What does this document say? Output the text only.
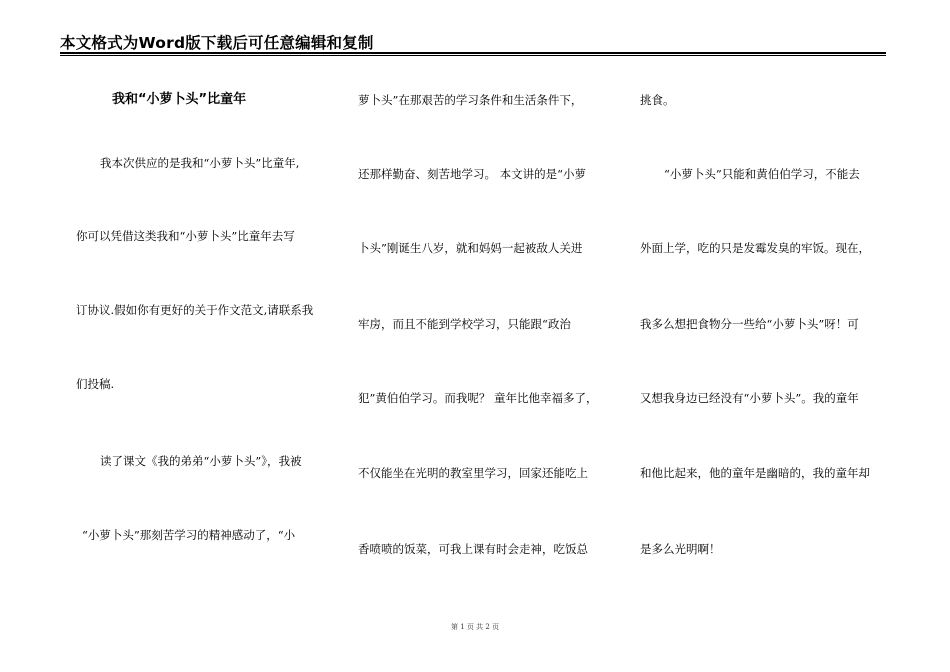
本文格式为Word版下载后可任意编辑和复制
我和“小萝卜头”比童年
我本次供应的是我和“小萝卜头”比童年,
你可以凭借这类我和“小萝卜头”比童年去写
订协议.假如你有更好的关于作文范文,请联系我
们投稿.
读了课文《我的弟弟“小萝卜头”》，我被
“小萝卜头”那刻苦学习的精神感动了，“小
萝卜头”在那艰苦的学习条件和生活条件下，
还那样勤奋、刻苦地学习。 本文讲的是“小萝
卜头”刚诞生八岁，就和妈妈一起被敌人关进
牢房，而且不能到学校学习，只能跟“政治
犯”黄伯伯学习。而我呢？ 童年比他幸福多了，
不仅能坐在光明的教室里学习，回家还能吃上
香喷喷的饭菜，可我上课有时会走神，吃饭总
挑食。
“小萝卜头”只能和黄伯伯学习，不能去
外面上学，吃的只是发霉发臭的牢饭。现在，
我多么想把食物分一些给“小萝卜头”呀！可
又想我身边已经没有“小萝卜头”。我的童年
和他比起来，他的童年是幽暗的，我的童年却
是多么光明啊！
第 1 页 共 2 页
